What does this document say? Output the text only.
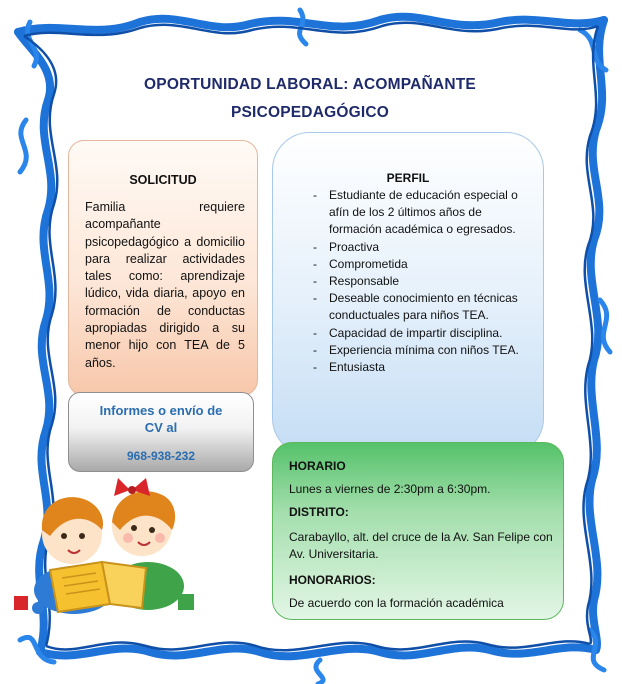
OPORTUNIDAD LABORAL: ACOMPAÑANTE
PSICOPEDAGÓGICO
SOLICITUD

Familia requiere acompañante psicopedagógico a domicilio para realizar actividades tales como: aprendizaje lúdico, vida diaria, apoyo en formación de conductas apropiadas dirigido a su menor hijo con TEA de 5 años.

PERFIL
- Estudiante de educación especial o afín de los 2 últimos años de formación académica o egresados.
- Proactiva
- Comprometida
- Responsable
- Deseable conocimiento en técnicas conductuales para niños TEA.
- Capacidad de impartir disciplina.
- Experiencia mínima con niños TEA.
- Entusiasta
Informes o envío de
CV al
968-938-232
HORARIO
Lunes a viernes de 2:30pm a 6:30pm.
DISTRITO:
Carabayllo, alt. del cruce de la Av. San Felipe con Av. Universitaria.
HONORARIOS:
De acuerdo con la formación académica
